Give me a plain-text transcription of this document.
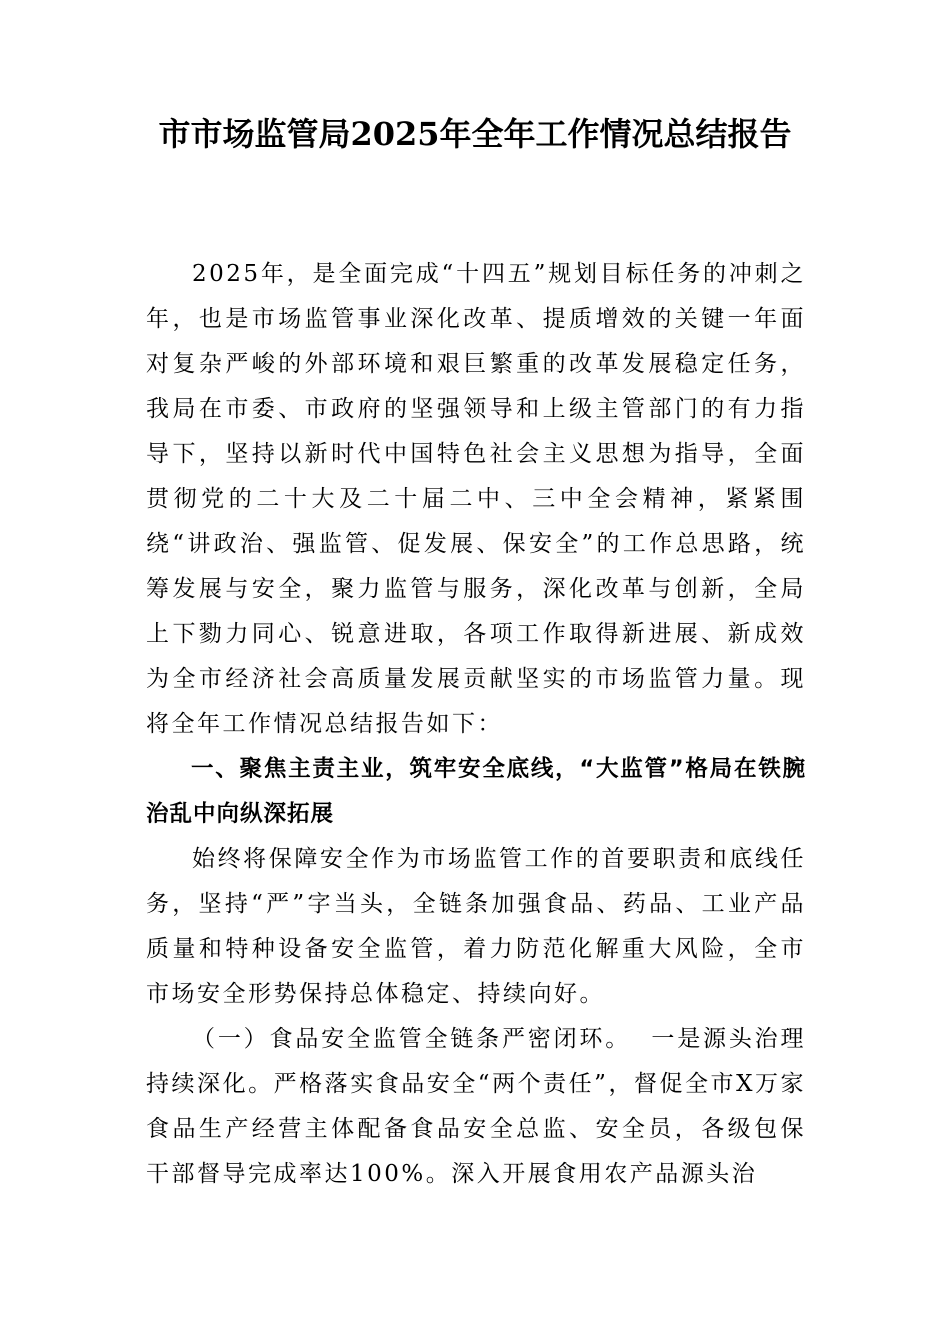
市市场监管局2025年全年工作情况总结报告

2025年，是全面完成“十四五”规划目标任务的冲刺之年，也是市场监管事业深化改革、提质增效的关键一年面对复杂严峻的外部环境和艰巨繁重的改革发展稳定任务，我局在市委、市政府的坚强领导和上级主管部门的有力指导下，坚持以新时代中国特色社会主义思想为指导，全面贯彻党的二十大及二十届二中、三中全会精神，紧紧围绕“讲政治、强监管、促发展、保安全”的工作总思路，统筹发展与安全，聚力监管与服务，深化改革与创新，全局上下勠力同心、锐意进取，各项工作取得新进展、新成效为全市经济社会高质量发展贡献坚实的市场监管力量。现将全年工作情况总结报告如下：

一、聚焦主责主业，筑牢安全底线，“大监管”格局在铁腕治乱中向纵深拓展

始终将保障安全作为市场监管工作的首要职责和底线任务，坚持“严”字当头，全链条加强食品、药品、工业产品质量和特种设备安全监管，着力防范化解重大风险，全市市场安全形势保持总体稳定、持续向好。

（一）食品安全监管全链条严密闭环。 一是源头治理持续深化。严格落实食品安全“两个责任”，督促全市X万家食品生产经营主体配备食品安全总监、安全员，各级包保干部督导完成率达100%。深入开展食用农产品源头治
